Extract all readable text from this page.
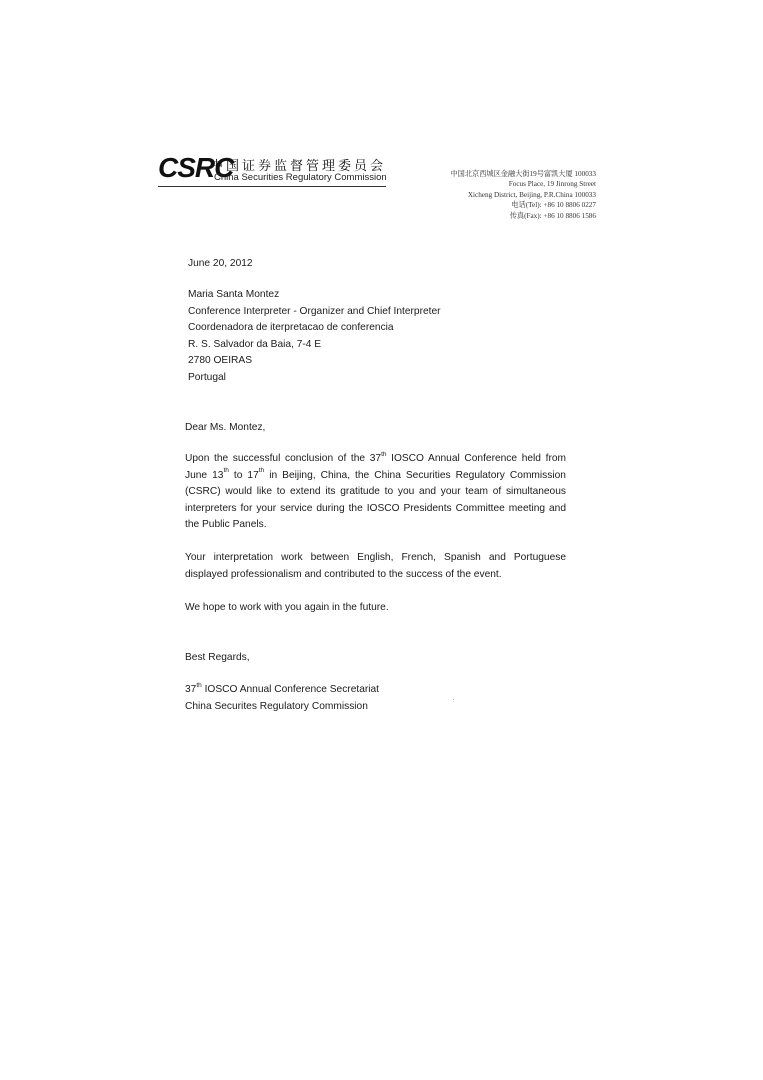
CSRC
中国证券监督管理委员会
China Securities Regulatory Commission	中国北京西城区金融大街19号富凯大厦 100033
Focus Place, 19 Jinrong Street
Xicheng District, Beijing, P.R.China 100033
电话(Tel): +86 10 8806 0227
传真(Fax): +86 10 8806 1586
June 20, 2012
Maria Santa Montez
Conference Interpreter - Organizer and Chief Interpreter
Coordenadora de iterpretacao de conferencia
R. S. Salvador da Baia, 7-4 E
2780 OEIRAS
Portugal
Dear Ms. Montez,
Upon the successful conclusion of the 37th IOSCO Annual Conference held from June 13th to 17th in Beijing, China, the China Securities Regulatory Commission (CSRC) would like to extend its gratitude to you and your team of simultaneous interpreters for your service during the IOSCO Presidents Committee meeting and the Public Panels.
Your interpretation work between English, French, Spanish and Portuguese displayed professionalism and contributed to the success of the event.
We hope to work with you again in the future.
Best Regards,
37th IOSCO Annual Conference Secretariat
China Securites Regulatory Commission
